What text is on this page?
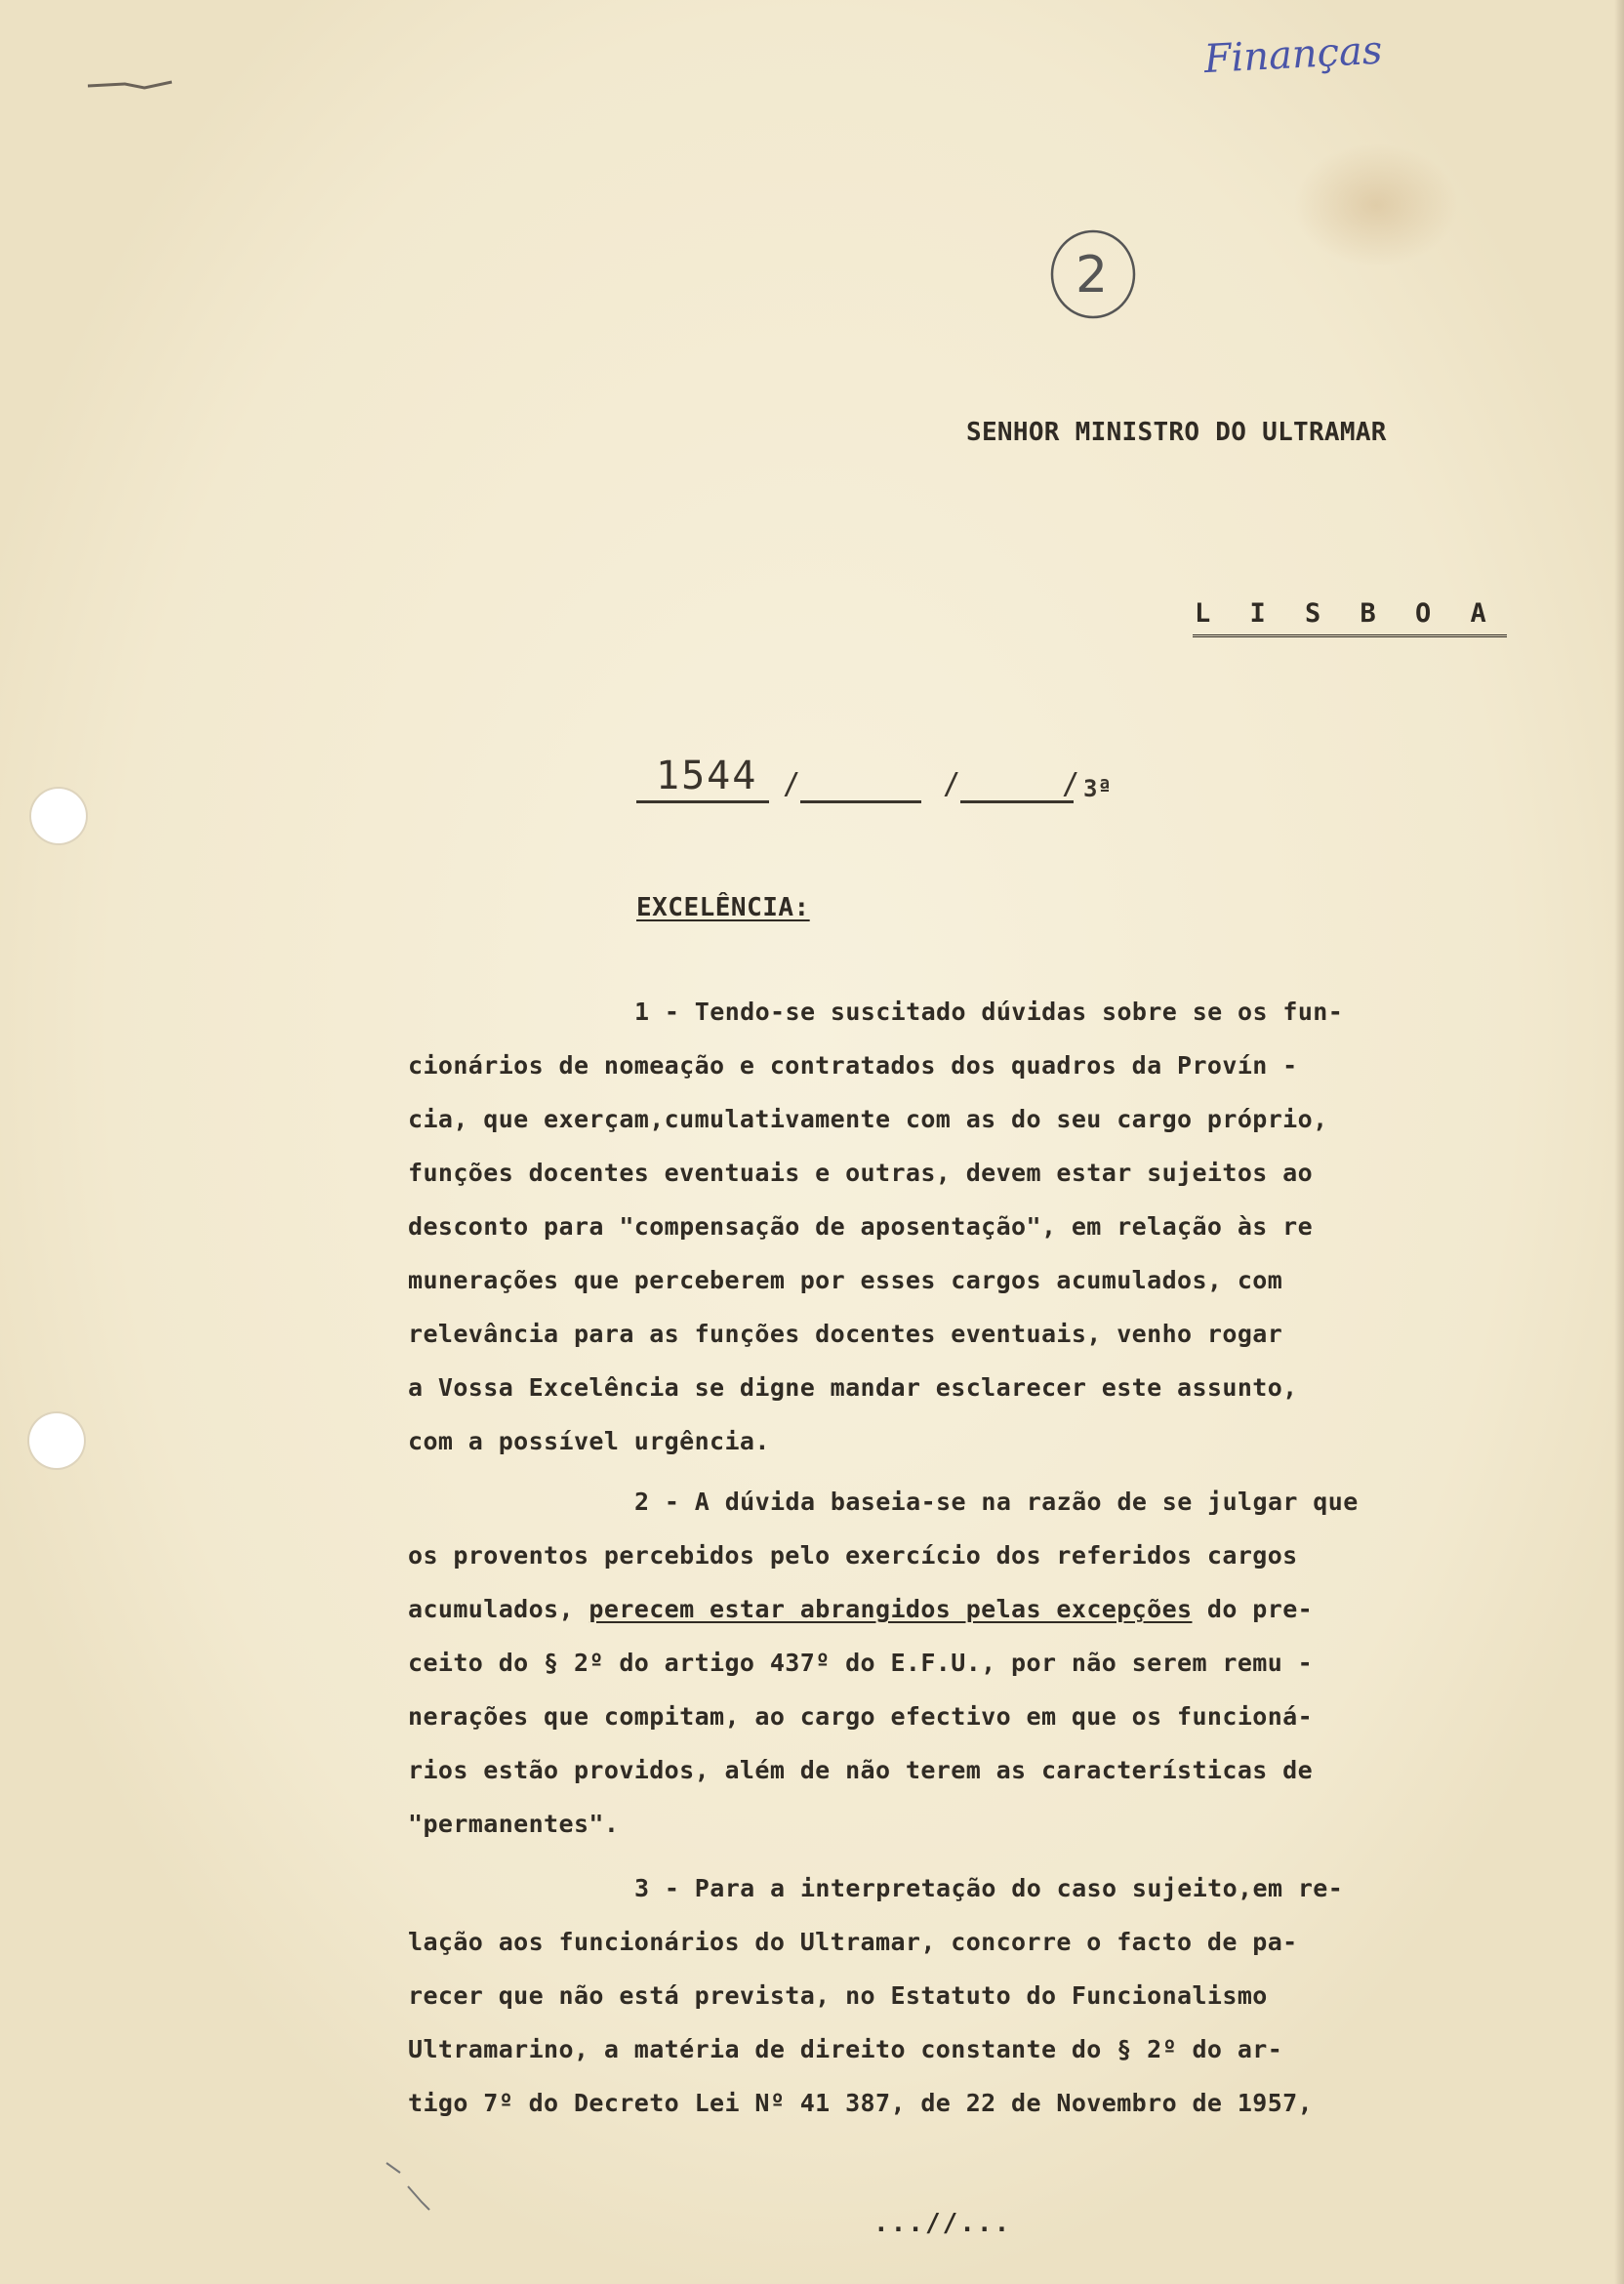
Finanças
2
SENHOR MINISTRO DO ULTRAMAR
L I S B O A
1544 /	/	/ 3ª
EXCELÊNCIA:
1 - Tendo-se suscitado dúvidas sobre se os fun-
cionários de nomeação e contratados dos quadros da Provín -
cia, que exerçam,cumulativamente com as do seu cargo próprio,
funções docentes eventuais e outras, devem estar sujeitos ao
desconto para "compensação de aposentação", em relação às re
munerações que perceberem por esses cargos acumulados, com
relevância para as funções docentes eventuais, venho rogar
a Vossa Excelência se digne mandar esclarecer este assunto,
com a possível urgência.
2 - A dúvida baseia-se na razão de se julgar que
os proventos percebidos pelo exercício dos referidos cargos
acumulados, perecem estar abrangidos pelas excepções do pre-
ceito do § 2º do artigo 437º do E.F.U., por não serem remu -
nerações que compitam, ao cargo efectivo em que os funcioná-
rios estão providos, além de não terem as características de
"permanentes".
3 - Para a interpretação do caso sujeito,em re-
lação aos funcionários do Ultramar, concorre o facto de pa-
recer que não está prevista, no Estatuto do Funcionalismo
Ultramarino, a matéria de direito constante do § 2º do ar-
tigo 7º do Decreto Lei Nº 41 387, de 22 de Novembro de 1957,
...//...
